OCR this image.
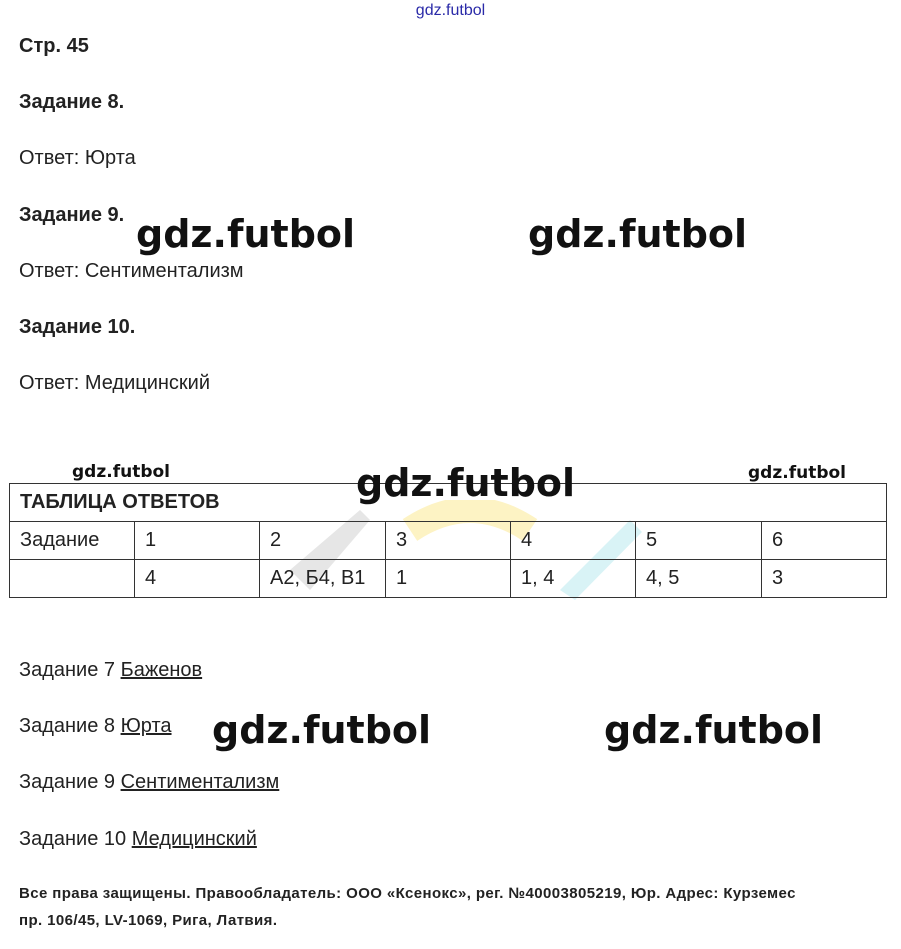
gdz.futbol
Стр. 45
Задание 8.
Ответ: Юрта
Задание 9.
Ответ: Сентиментализм
Задание 10.
Ответ: Медицинский
ТАБЛИЦА ОТВЕТОВ						
Задание	1	2	3	4	5	6
	4	А2, Б4, В1	1	1, 4	4, 5	3
Задание 7 Баженов
Задание 8 Юрта
Задание 9 Сентиментализм
Задание 10 Медицинский
Все права защищены. Правообладатель: ООО «Ксенокс», рег. №40003805219, Юр. Адрес: Курземес
пр. 106/45, LV-1069, Рига, Латвия.
gdz.futbol	gdz.futbol
gdz.futbol
gdz.futbol	gdz.futbol
gdz.futbol	gdz.futbol
